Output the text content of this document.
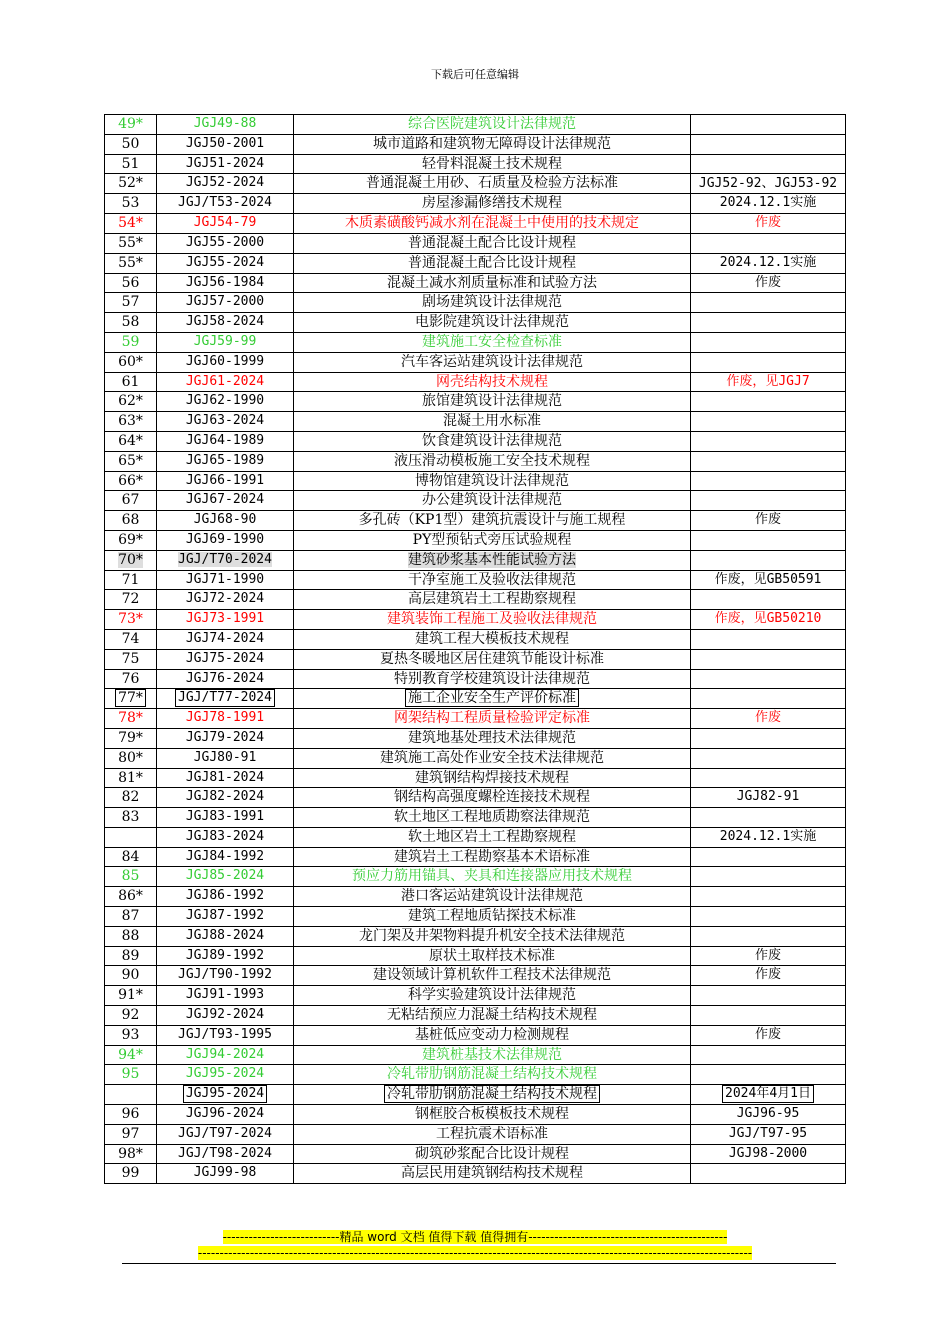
下载后可任意编辑
49*	JGJ49-88	综合医院建筑设计法律规范	
50	JGJ50-2001	城市道路和建筑物无障碍设计法律规范	
51	JGJ51-2024	轻骨料混凝土技术规程	
52*	JGJ52-2024	普通混凝土用砂、石质量及检验方法标准	JGJ52-92、JGJ53-92
53	JGJ/T53-2024	房屋渗漏修缮技术规程	2024.12.1实施
54*	JGJ54-79	木质素磺酸钙减水剂在混凝土中使用的技术规定	作废
55*	JGJ55-2000	普通混凝土配合比设计规程	
55*	JGJ55-2024	普通混凝土配合比设计规程	2024.12.1实施
56	JGJ56-1984	混凝土减水剂质量标准和试验方法	作废
57	JGJ57-2000	剧场建筑设计法律规范	
58	JGJ58-2024	电影院建筑设计法律规范	
59	JGJ59-99	建筑施工安全检查标准	
60*	JGJ60-1999	汽车客运站建筑设计法律规范	
61	JGJ61-2024	网壳结构技术规程	作废，见JGJ7
62*	JGJ62-1990	旅馆建筑设计法律规范	
63*	JGJ63-2024	混凝土用水标准	
64*	JGJ64-1989	饮食建筑设计法律规范	
65*	JGJ65-1989	液压滑动模板施工安全技术规程	
66*	JGJ66-1991	博物馆建筑设计法律规范	
67	JGJ67-2024	办公建筑设计法律规范	
68	JGJ68-90	多孔砖（KP1型）建筑抗震设计与施工规程	作废
69*	JGJ69-1990	PY型预钻式旁压试验规程	
70*	JGJ/T70-2024	建筑砂浆基本性能试验方法	
71	JGJ71-1990	干净室施工及验收法律规范	作废，见GB50591
72	JGJ72-2024	高层建筑岩土工程勘察规程	
73*	JGJ73-1991	建筑装饰工程施工及验收法律规范	作废，见GB50210
74	JGJ74-2024	建筑工程大模板技术规程	
75	JGJ75-2024	夏热冬暖地区居住建筑节能设计标准	
76	JGJ76-2024	特别教育学校建筑设计法律规范	
77*	JGJ/T77-2024	施工企业安全生产评价标准	
78*	JGJ78-1991	网架结构工程质量检验评定标准	作废
79*	JGJ79-2024	建筑地基处理技术法律规范	
80*	JGJ80-91	建筑施工高处作业安全技术法律规范	
81*	JGJ81-2024	建筑钢结构焊接技术规程	
82	JGJ82-2024	钢结构高强度螺栓连接技术规程	JGJ82-91
83	JGJ83-1991	软土地区工程地质勘察法律规范	
	JGJ83-2024	软土地区岩土工程勘察规程	2024.12.1实施
84	JGJ84-1992	建筑岩土工程勘察基本术语标准	
85	JGJ85-2024	预应力筋用锚具、夹具和连接器应用技术规程	
86*	JGJ86-1992	港口客运站建筑设计法律规范	
87	JGJ87-1992	建筑工程地质钻探技术标准	
88	JGJ88-2024	龙门架及井架物料提升机安全技术法律规范	
89	JGJ89-1992	原状土取样技术标准	作废
90	JGJ/T90-1992	建设领域计算机软件工程技术法律规范	作废
91*	JGJ91-1993	科学实验建筑设计法律规范	
92	JGJ92-2024	无粘结预应力混凝土结构技术规程	
93	JGJ/T93-1995	基桩低应变动力检测规程	作废
94*	JGJ94-2024	建筑桩基技术法律规范	
95	JGJ95-2024	冷轧带肋钢筋混凝土结构技术规程	
	JGJ95-2024	冷轧带肋钢筋混凝土结构技术规程	2024年4月1日
96	JGJ96-2024	钢框胶合板模板技术规程	JGJ96-95
97	JGJ/T97-2024	工程抗震术语标准	JGJ/T97-95
98*	JGJ/T98-2024	砌筑砂浆配合比设计规程	JGJ98-2000
99	JGJ99-98	高层民用建筑钢结构技术规程	
---------------------------精品 word 文档 值得下载 值得拥有----------------------------------------------
--------------------------------------------------------------------------------------------------------------------------------
